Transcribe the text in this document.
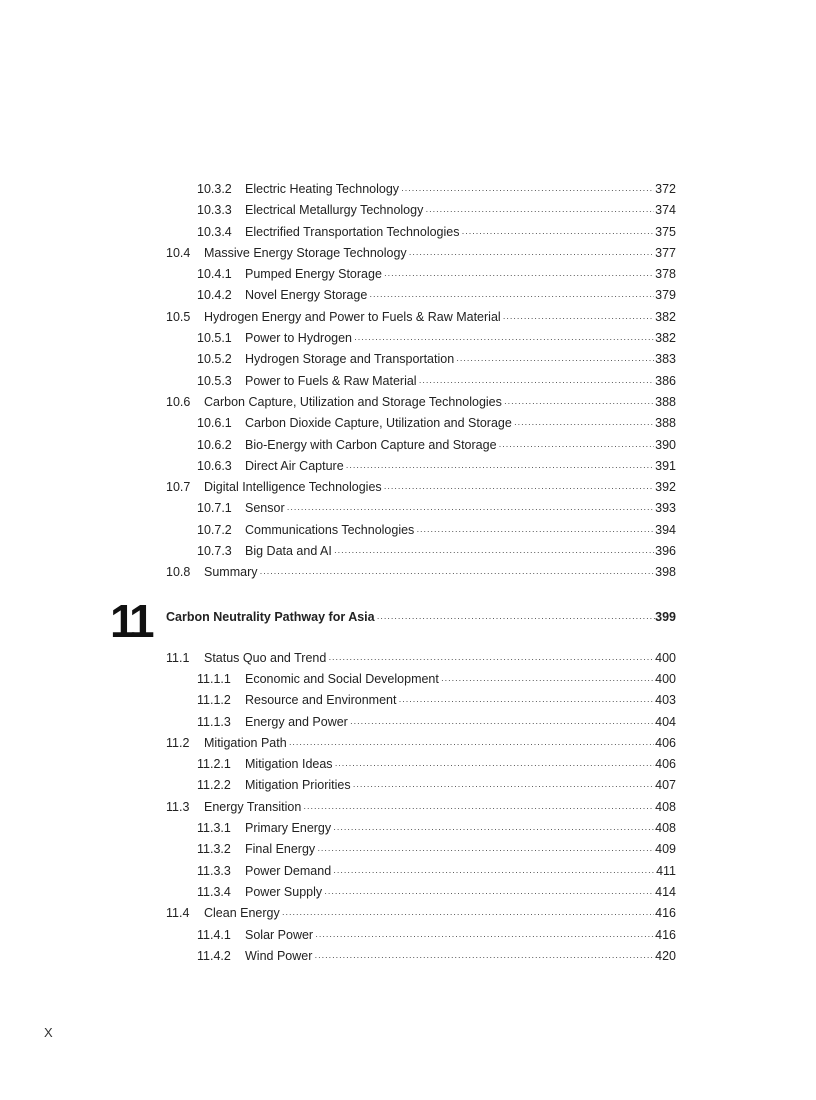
10.3.2 Electric Heating Technology ·····	372
10.3.3 Electrical Metallurgy Technology ·····	374
10.3.4 Electrified Transportation Technologies ·····	375
10.4 Massive Energy Storage Technology ·····	377
10.4.1 Pumped Energy Storage ·····	378
10.4.2 Novel Energy Storage ·····	379
10.5 Hydrogen Energy and Power to Fuels & Raw Material ·····	382
10.5.1 Power to Hydrogen ·····	382
10.5.2 Hydrogen Storage and Transportation ·····	383
10.5.3 Power to Fuels & Raw Material ·····	386
10.6 Carbon Capture, Utilization and Storage Technologies ·····	388
10.6.1 Carbon Dioxide Capture, Utilization and Storage ·····	388
10.6.2 Bio-Energy with Carbon Capture and Storage ·····	390
10.6.3 Direct Air Capture ·····	391
10.7 Digital Intelligence Technologies ·····	392
10.7.1 Sensor ·····	393
10.7.2 Communications Technologies ·····	394
10.7.3 Big Data and AI ·····	396
10.8 Summary ·····	398
11 Carbon Neutrality Pathway for Asia ·····	399
11.1 Status Quo and Trend ·····	400
11.1.1 Economic and Social Development ·····	400
11.1.2 Resource and Environment ·····	403
11.1.3 Energy and Power ·····	404
11.2 Mitigation Path ·····	406
11.2.1 Mitigation Ideas ·····	406
11.2.2 Mitigation Priorities ·····	407
11.3 Energy Transition ·····	408
11.3.1 Primary Energy ·····	408
11.3.2 Final Energy ·····	409
11.3.3 Power Demand ·····	411
11.3.4 Power Supply ·····	414
11.4 Clean Energy ·····	416
11.4.1 Solar Power ·····	416
11.4.2 Wind Power ·····	420
X
